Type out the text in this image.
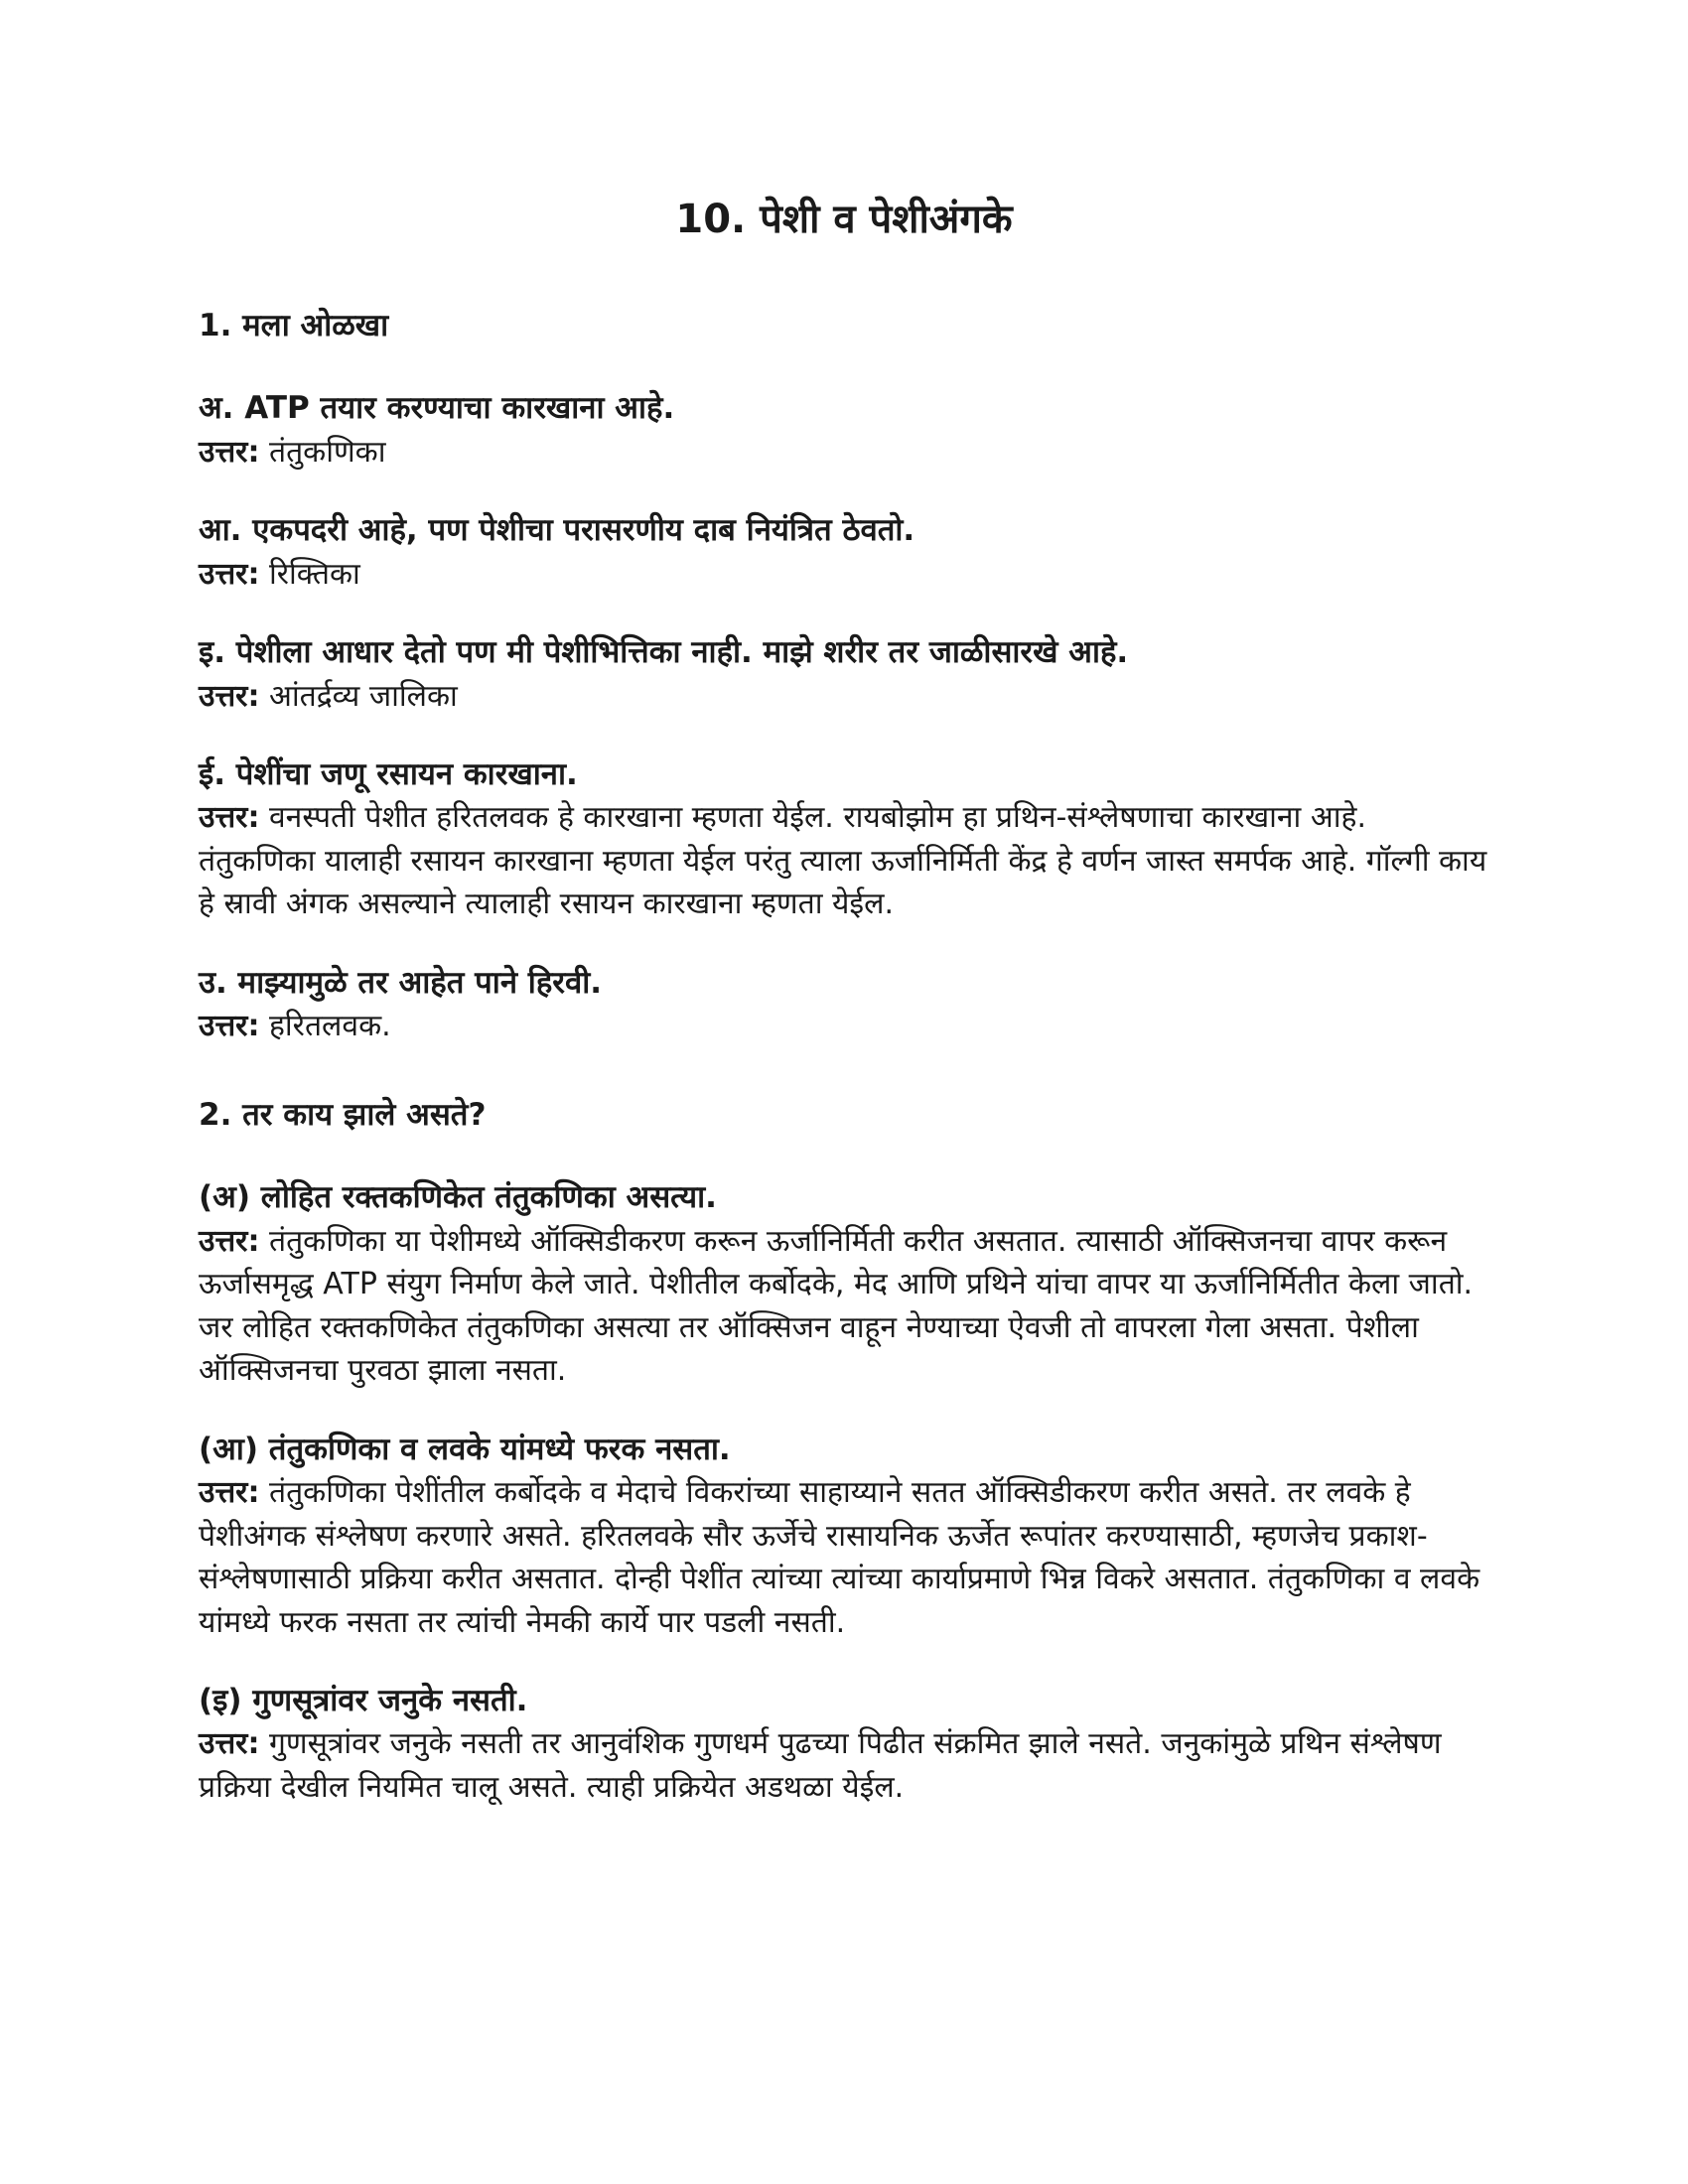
10. पेशी व पेशीअंगके

1. मला ओळखा

अ. ATP तयार करण्याचा कारखाना आहे.

उत्तर: तंतुकणिका

आ. एकपदरी आहे, पण पेशीचा परासरणीय दाब नियंत्रित ठेवतो.

उत्तर: रिक्तिका

इ. पेशीला आधार देतो पण मी पेशीभित्तिका नाही. माझे शरीर तर जाळीसारखे आहे.

उत्तर: आंतर्द्रव्य जालिका

ई. पेशींचा जणू रसायन कारखाना.

उत्तर: वनस्पती पेशीत हरितलवक हे कारखाना म्हणता येईल. रायबोझोम हा प्रथिन-संश्लेषणाचा कारखाना आहे. तंतुकणिका यालाही रसायन कारखाना म्हणता येईल परंतु त्याला ऊर्जानिर्मिती केंद्र हे वर्णन जास्त समर्पक आहे. गॉल्गी काय हे स्रावी अंगक असल्याने त्यालाही रसायन कारखाना म्हणता येईल.

उ. माझ्यामुळे तर आहेत पाने हिरवी.

उत्तर: हरितलवक.

2. तर काय झाले असते?

(अ) लोहित रक्तकणिकेत तंतुकणिका असत्या.

उत्तर: तंतुकणिका या पेशीमध्ये ऑक्सिडीकरण करून ऊर्जानिर्मिती करीत असतात. त्यासाठी ऑक्सिजनचा वापर करून ऊर्जासमृद्ध ATP संयुग निर्माण केले जाते. पेशीतील कर्बोदके, मेद आणि प्रथिने यांचा वापर या ऊर्जानिर्मितीत केला जातो. जर लोहित रक्तकणिकेत तंतुकणिका असत्या तर ऑक्सिजन वाहून नेण्याच्या ऐवजी तो वापरला गेला असता. पेशीला ऑक्सिजनचा पुरवठा झाला नसता.

(आ) तंतुकणिका व लवके यांमध्ये फरक नसता.

उत्तर: तंतुकणिका पेशींतील कर्बोदके व मेदाचे विकरांच्या साहाय्याने सतत ऑक्सिडीकरण करीत असते. तर लवके हे पेशीअंगक संश्लेषण करणारे असते. हरितलवके सौर ऊर्जेचे रासायनिक ऊर्जेत रूपांतर करण्यासाठी, म्हणजेच प्रकाश-संश्लेषणासाठी प्रक्रिया करीत असतात. दोन्ही पेशींत त्यांच्या त्यांच्या कार्याप्रमाणे भिन्न विकरे असतात. तंतुकणिका व लवके यांमध्ये फरक नसता तर त्यांची नेमकी कार्ये पार पडली नसती.

(इ) गुणसूत्रांवर जनुके नसती.

उत्तर: गुणसूत्रांवर जनुके नसती तर आनुवंशिक गुणधर्म पुढच्या पिढीत संक्रमित झाले नसते. जनुकांमुळे प्रथिन संश्लेषण प्रक्रिया देखील नियमित चालू असते. त्याही प्रक्रियेत अडथळा येईल.
